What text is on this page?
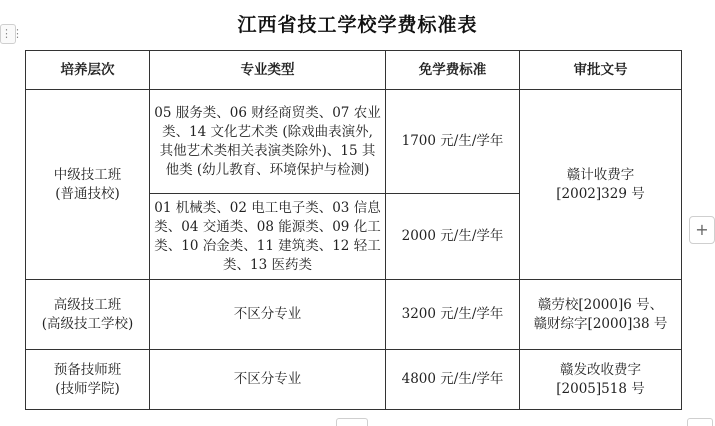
⋮⋮	江西省技工学校学费标准表
培养层次	专业类型	免学费标准	审批文号
中级技工班
(普通技校)	05 服务类、06 财经商贸类、07 农业类、14 文化艺术类 (除戏曲表演外, 其他艺术类相关表演类除外)、15 其他类 (幼儿教育、环境保护与检测)	1700 元/生/学年	赣计收费字
[2002]329 号
	01 机械类、02 电工电子类、03 信息类、04 交通类、08 能源类、09 化工类、10 冶金类、11 建筑类、12 轻工类、13 医药类	2000 元/生/学年	
高级技工班
(高级技工学校)	不区分专业	3200 元/生/学年	赣劳校[2000]6 号、
赣财综字[2000]38 号
预备技师班
(技师学院)	不区分专业	4800 元/生/学年	赣发改收费字
[2005]518 号
+
